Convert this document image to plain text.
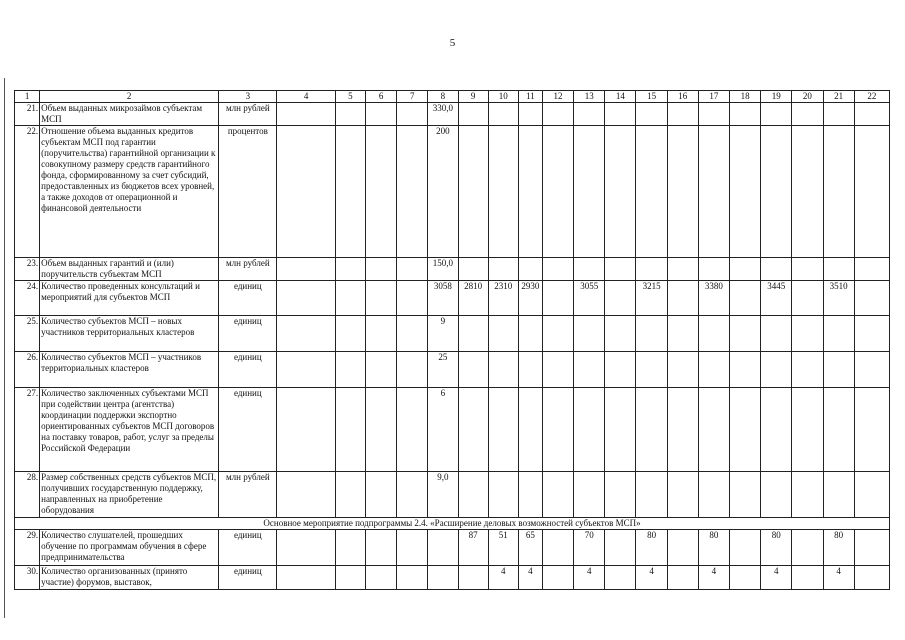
5
1	2	3	4	5	6	7	8	9	10	11	12	13	14	15	16	17	18	19	20	21	22
21.	Объем выданных микрозаймов субъектам МСП	млн рублей					330,0														
22.	Отношение объема выданных кредитов субъектам МСП под гарантии (поручительства) гарантийной организации к совокупному размеру средств гарантийного фонда, сформированному за счет субсидий, предоставленных из бюджетов всех уровней, а также доходов от операционной и финансовой деятельности	процентов					200														
23.	Объем выданных гарантий и (или) поручительств субъектам МСП	млн рублей					150,0														
24.	Количество проведенных консультаций и мероприятий для субъектов МСП	единиц					3058	2810	2310	2930		3055		3215		3380		3445		3510	
25.	Количество субъектов МСП – новых участников территориальных кластеров	единиц					9														
26.	Количество субъектов МСП – участников территориальных кластеров	единиц					25														
27.	Количество заключенных субъектами МСП при содействии центра (агентства) координации поддержки экспортно ориентированных субъектов МСП договоров на поставку товаров, работ, услуг за пределы Российской Федерации	единиц					6														
28.	Размер собственных средств субъектов МСП, получивших государственную поддержку, направленных на приобретение оборудования	млн рублей					9,0														
Основное мероприятие подпрограммы 2.4. «Расширение деловых возможностей субъектов МСП»																					
29.	Количество слушателей, прошедших обучение по программам обучения в сфере предпринимательства	единиц						87	51	65		70		80		80		80		80	
30.	Количество организованных (принято участие) форумов, выставок,	единиц							4	4		4		4		4		4		4	
